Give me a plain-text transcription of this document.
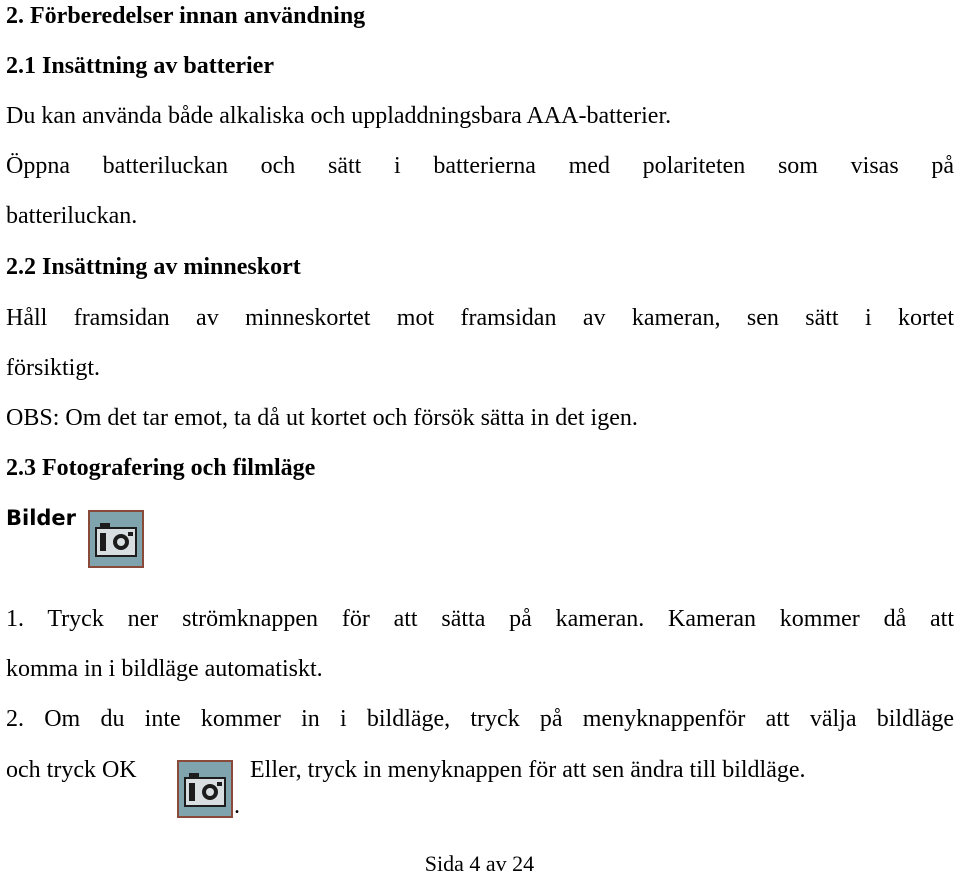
2. Förberedelser innan användning
2.1 Insättning av batterier
Du kan använda både alkaliska och uppladdningsbara AAA-batterier.
Öppna batteriluckan och sätt i batterierna med polariteten som visas på
batteriluckan.
2.2 Insättning av minneskort
Håll framsidan av minneskortet mot framsidan av kameran, sen sätt i kortet
försiktigt.
OBS: Om det tar emot, ta då ut kortet och försök sätta in det igen.
2.3 Fotografering och filmläge
Bilder
1. Tryck ner strömknappen för att sätta på kameran. Kameran kommer då att
komma in i bildläge automatiskt.
2. Om du inte kommer in i bildläge, tryck på menyknappenför att välja bildläge
och tryck OK
.
Eller, tryck in menyknappen för att sen ändra till bildläge.
Sida 4 av 24
